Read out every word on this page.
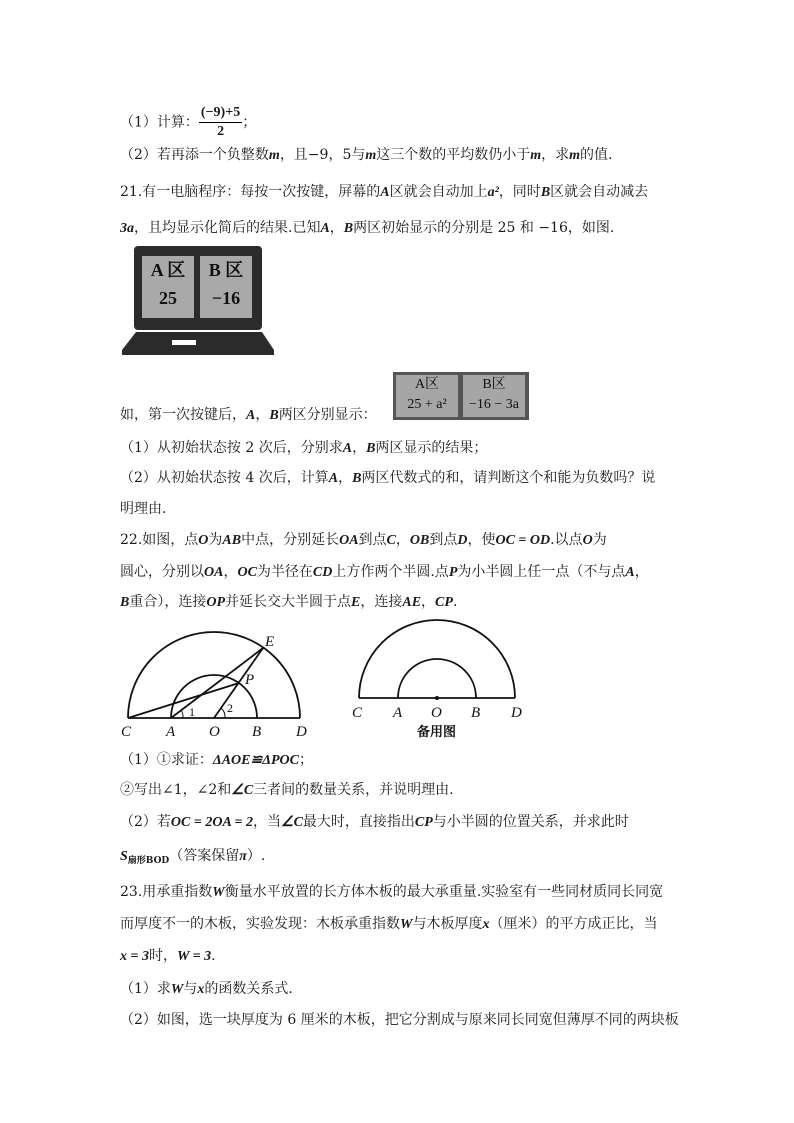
（1）计算： $\frac{(-9)+5}{2}$ ；
（2）若再添一个负整数m，且−9，5与m这三个数的平均数仍小于m，求m的值.
21.有一电脑程序：每按一次按键，屏幕的A区就会自动加上a²，同时B区就会自动减去
3a，且均显示化简后的结果.已知A，B两区初始显示的分别是 25 和 −16，如图.
A 区
25
B 区
−16
如，第一次按键后，A，B两区分别显示：
A区
25 + a²
B区
−16 − 3a
（1）从初始状态按 2 次后，分别求A，B两区显示的结果；
（2）从初始状态按 4 次后，计算A，B两区代数式的和，请判断这个和能为负数吗？说
明理由.
22.如图，点O为AB中点，分别延长OA到点C，OB到点D，使OC = OD.以点O为
圆心，分别以OA，OC为半径在CD上方作两个半圆.点P为小半圆上任一点（不与点A，
B重合），连接OP并延长交大半圆于点E，连接AE，CP.
E
P
C A
1
O
2
B D
C A O B D
备用图
（1）①求证：ΔAOE≌ΔPOC；
②写出∠1，∠2和∠C三者间的数量关系，并说明理由.
（2）若OC = 2OA = 2，当∠C最大时，直接指出CP与小半圆的位置关系，并求此时
$S_{扇形BOD}$（答案保留π）.
23.用承重指数W衡量水平放置的长方体木板的最大承重量.实验室有一些同材质同长同宽
而厚度不一的木板，实验发现：木板承重指数W与木板厚度x（厘米）的平方成正比，当
x = 3时，W = 3.
（1）求W与x的函数关系式.
（2）如图，选一块厚度为 6 厘米的木板，把它分割成与原来同长同宽但薄厚不同的两块板
